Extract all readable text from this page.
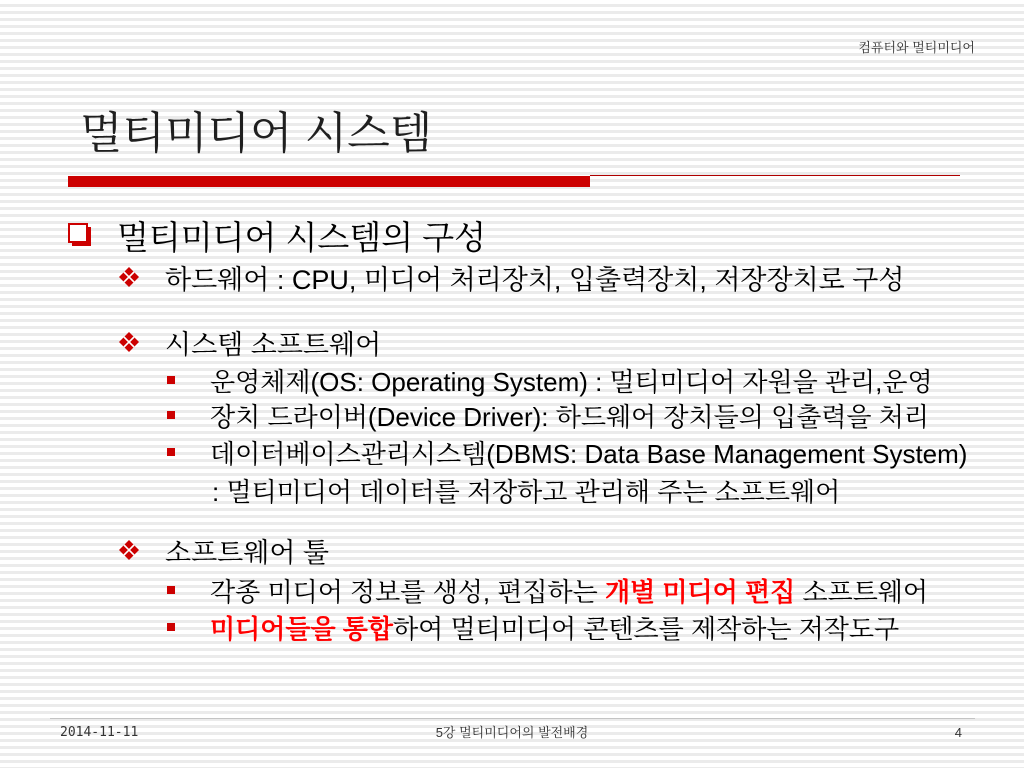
컴퓨터와 멀티미디어
멀티미디어 시스템
멀티미디어 시스템의 구성
하드웨어 : CPU, 미디어 처리장치, 입출력장치, 저장장치로 구성
시스템 소프트웨어
운영체제(OS: Operating System) : 멀티미디어 자원을 관리,운영
장치 드라이버(Device Driver): 하드웨어 장치들의 입출력을 처리
데이터베이스관리시스템(DBMS: Data Base Management System)
: 멀티미디어 데이터를 저장하고 관리해 주는 소프트웨어
소프트웨어 툴
각종 미디어 정보를 생성, 편집하는 개별 미디어 편집 소프트웨어
미디어들을 통합하여 멀티미디어 콘텐츠를 제작하는 저작도구
2014-11-11	5강 멀티미디어의 발전배경	4
